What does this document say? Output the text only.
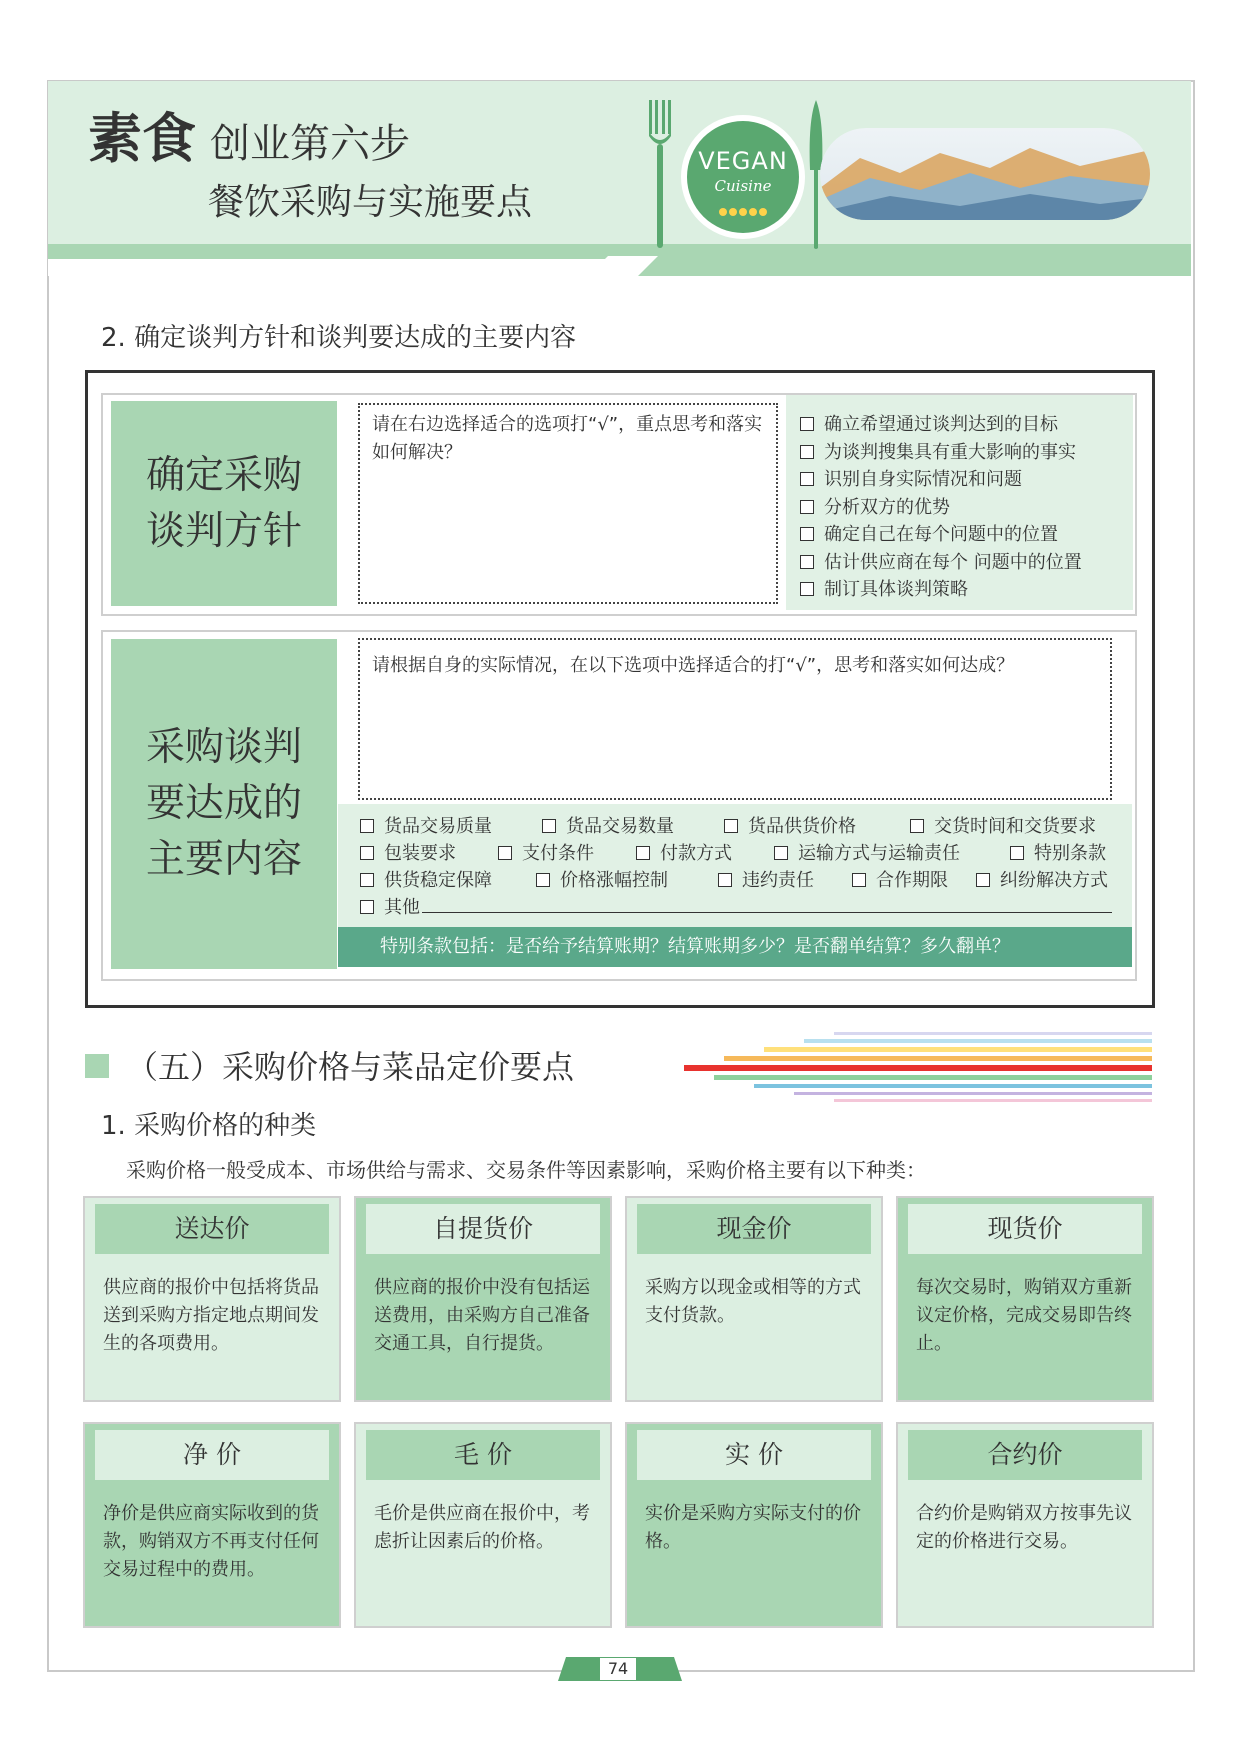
素食 创业第六步
餐饮采购与实施要点
VEGAN
Cuisine
2. 确定谈判方针和谈判要达成的主要内容
确定采购
谈判方针
请在右边选择适合的选项打“√”，重点思考和落实如何解决？
确立希望通过谈判达到的目标
为谈判搜集具有重大影响的事实
识别自身实际情况和问题
分析双方的优势
确定自己在每个问题中的位置
估计供应商在每个 问题中的位置
制订具体谈判策略
采购谈判
要达成的
主要内容
请根据自身的实际情况，在以下选项中选择适合的打“√”，思考和落实如何达成？
货品交易质量	货品交易数量	货品供货价格	交货时间和交货要求
包装要求	支付条件	付款方式	运输方式与运输责任	特别条款
供货稳定保障	价格涨幅控制	违约责任	合作期限	纠纷解决方式
其他
特别条款包括：是否给予结算账期？结算账期多少？是否翻单结算？多久翻单？
（五）采购价格与菜品定价要点
1. 采购价格的种类
采购价格一般受成本、市场供给与需求、交易条件等因素影响，采购价格主要有以下种类：
送达价
供应商的报价中包括将货品送到采购方指定地点期间发生的各项费用。
自提货价
供应商的报价中没有包括运送费用，由采购方自己准备交通工具，自行提货。
现金价
采购方以现金或相等的方式支付货款。
现货价
每次交易时，购销双方重新议定价格，完成交易即告终止。
净 价
净价是供应商实际收到的货款，购销双方不再支付任何交易过程中的费用。
毛 价
毛价是供应商在报价中，考虑折让因素后的价格。
实 价
实价是采购方实际支付的价格。
合约价
合约价是购销双方按事先议定的价格进行交易。
74
